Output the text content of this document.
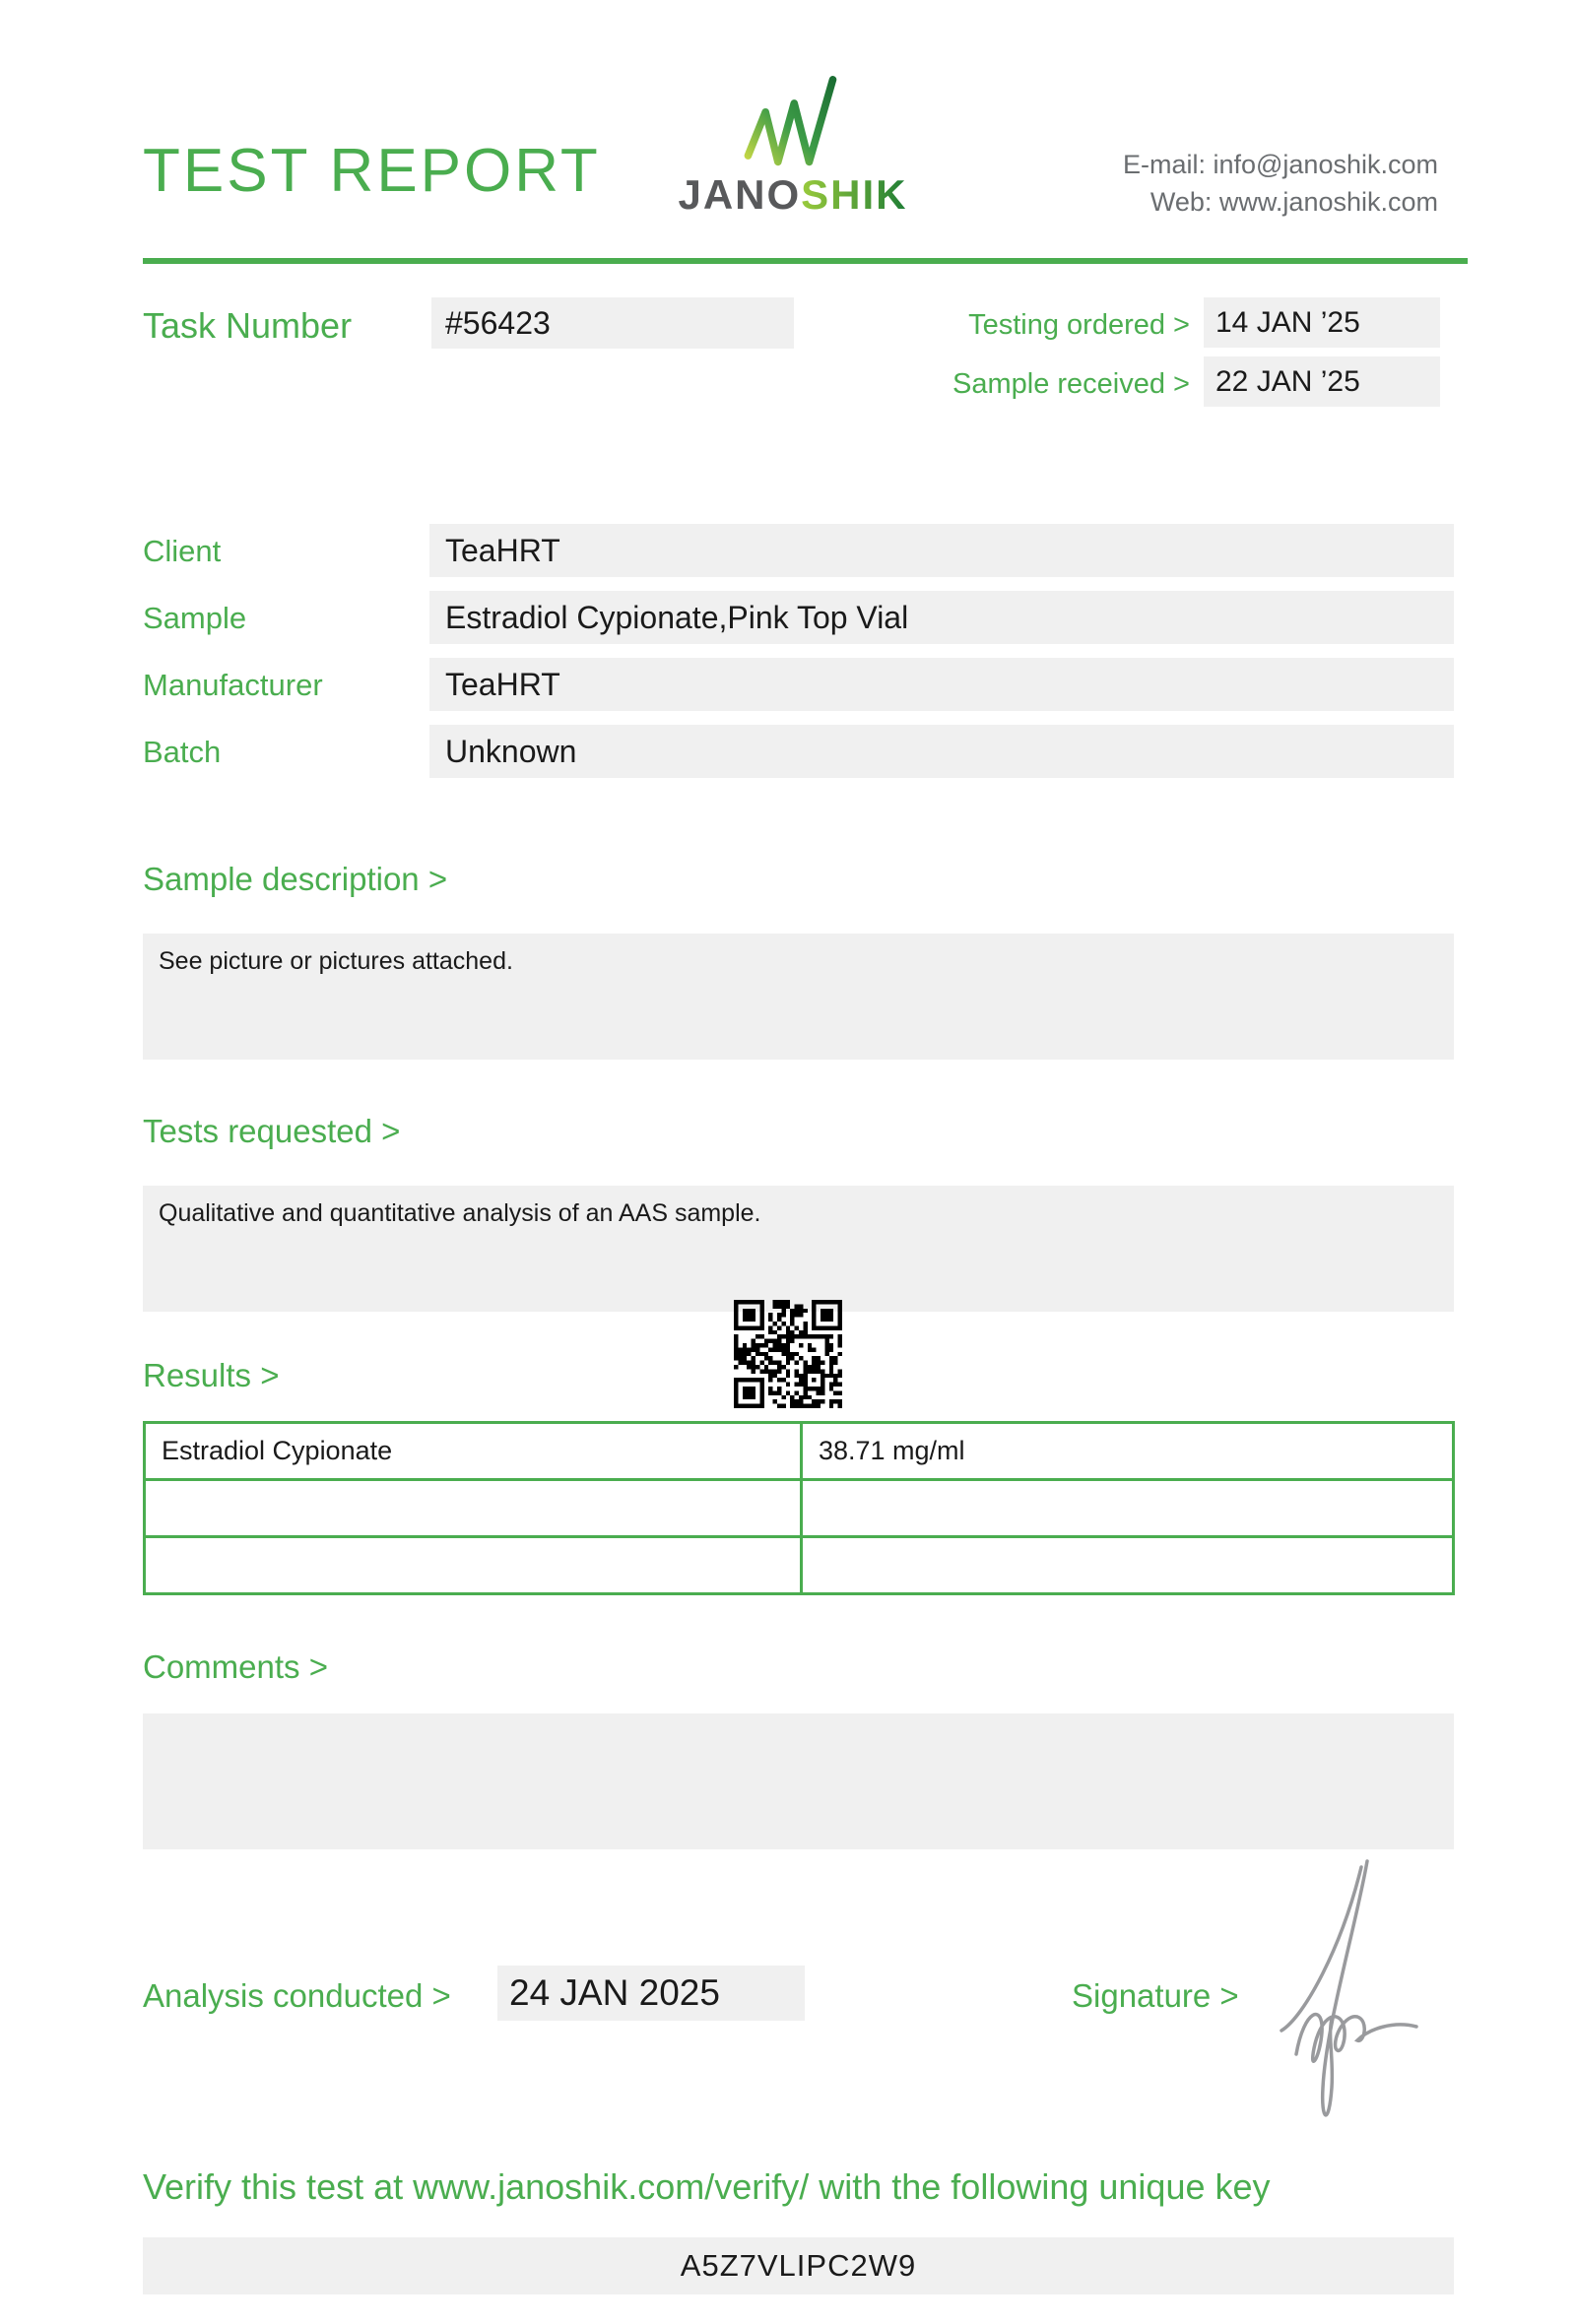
TEST REPORT	JANOSHIK
E-mail: info@janoshik.com
Web: www.janoshik.com
Task Number	#56423	Testing ordered > 14 JAN ’25
Sample received > 22 JAN ’25
Client	TeaHRT
Sample	Estradiol Cypionate,Pink Top Vial
Manufacturer	TeaHRT
Batch	Unknown
Sample description >

See picture or pictures attached.

Tests requested >

Qualitative and quantitative analysis of an AAS sample.

Results >
Estradiol Cypionate	38.71 mg/ml
Comments >

Analysis conducted >	24 JAN 2025	Signature >
Verify this test at www.janoshik.com/verify/ with the following unique key
A5Z7VLIPC2W9
